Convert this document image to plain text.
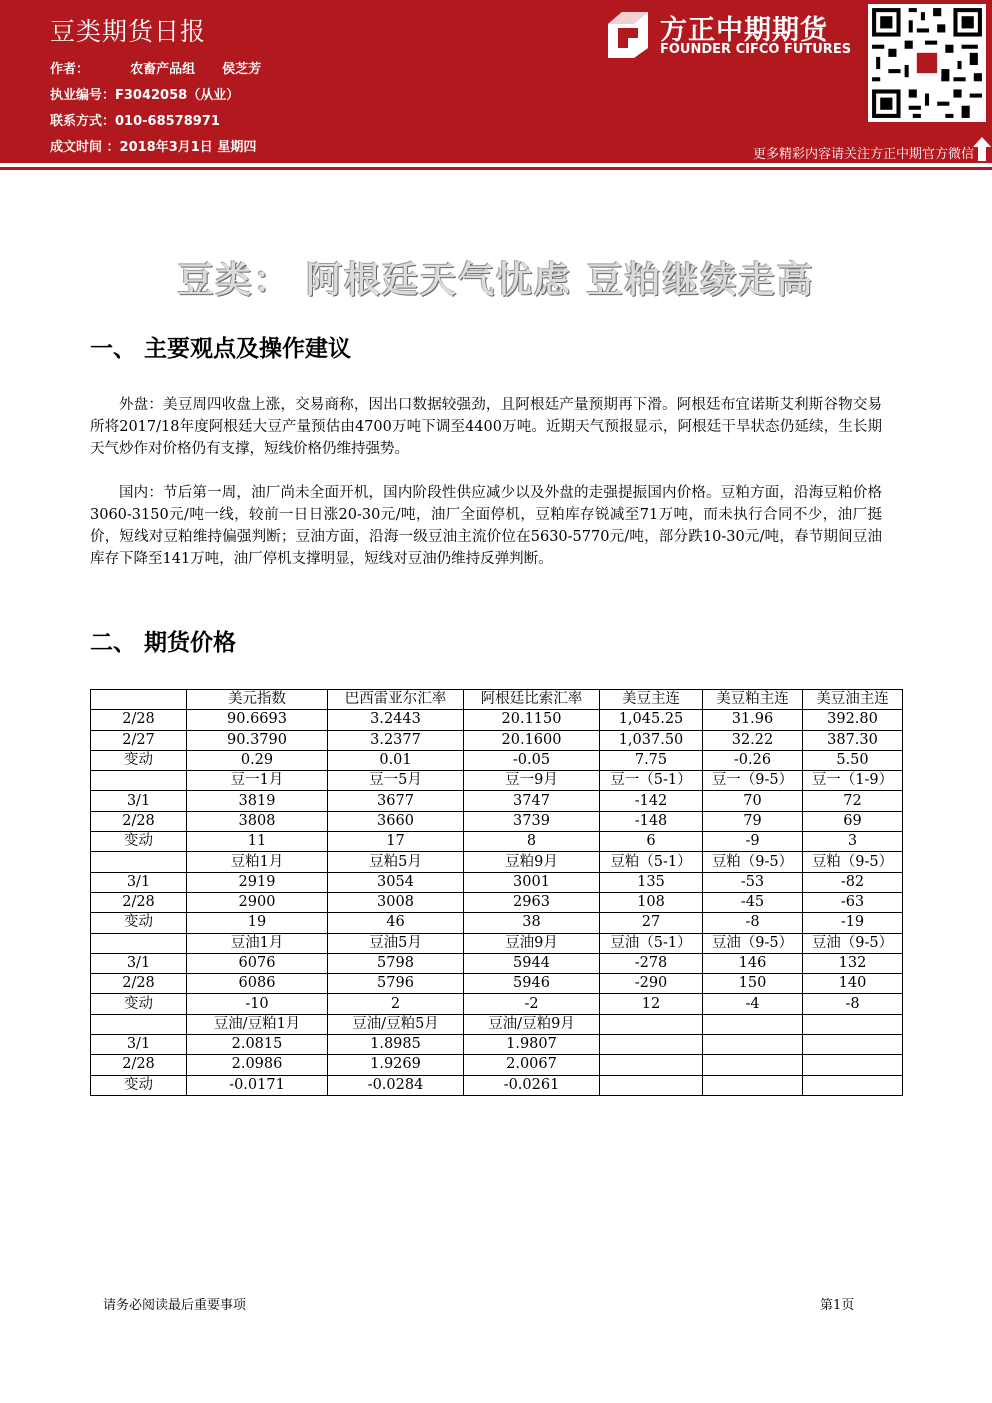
豆类期货日报
作者：	农畜产品组 侯芝芳
执业编号：F3042058（从业）
联系方式：010-68578971
成文时间 ：2018年3月1日 星期四
方正中期期货
FOUNDER CIFCO FUTURES
更多精彩内容请关注方正中期官方微信
豆类： 阿根廷天气忧虑 豆粕继续走高
一、 主要观点及操作建议
外盘：美豆周四收盘上涨，交易商称，因出口数据较强劲，且阿根廷产量预期再下滑。阿根廷布宜诺斯艾利斯谷物交易所将2017/18年度阿根廷大豆产量预估由4700万吨下调至4400万吨。近期天气预报显示，阿根廷干旱状态仍延续，生长期天气炒作对价格仍有支撑，短线价格仍维持强势。
国内：节后第一周，油厂尚未全面开机，国内阶段性供应减少以及外盘的走强提振国内价格。豆粕方面，沿海豆粕价格3060-3150元/吨一线，较前一日日涨20-30元/吨，油厂全面停机，豆粕库存锐减至71万吨，而未执行合同不少，油厂挺价，短线对豆粕维持偏强判断；豆油方面，沿海一级豆油主流价位在5630-5770元/吨，部分跌10-30元/吨，春节期间豆油库存下降至141万吨，油厂停机支撑明显，短线对豆油仍维持反弹判断。
二、 期货价格
	美元指数	巴西雷亚尔汇率	阿根廷比索汇率	美豆主连	美豆粕主连	美豆油主连
2/28	90.6693	3.2443	20.1150	1,045.25	31.96	392.80
2/27	90.3790	3.2377	20.1600	1,037.50	32.22	387.30
变动	0.29	0.01	-0.05	7.75	-0.26	5.50
	豆一1月	豆一5月	豆一9月	豆一（5-1）	豆一（9-5）	豆一（1-9）
3/1	3819	3677	3747	-142	70	72
2/28	3808	3660	3739	-148	79	69
变动	11	17	8	6	-9	3
	豆粕1月	豆粕5月	豆粕9月	豆粕（5-1）	豆粕（9-5）	豆粕（9-5）
3/1	2919	3054	3001	135	-53	-82
2/28	2900	3008	2963	108	-45	-63
变动	19	46	38	27	-8	-19
	豆油1月	豆油5月	豆油9月	豆油（5-1）	豆油（9-5）	豆油（9-5）
3/1	6076	5798	5944	-278	146	132
2/28	6086	5796	5946	-290	150	140
变动	-10	2	-2	12	-4	-8
	豆油/豆粕1月	豆油/豆粕5月	豆油/豆粕9月			
3/1	2.0815	1.8985	1.9807			
2/28	2.0986	1.9269	2.0067			
变动	-0.0171	-0.0284	-0.0261			
请务必阅读最后重要事项	第1页
